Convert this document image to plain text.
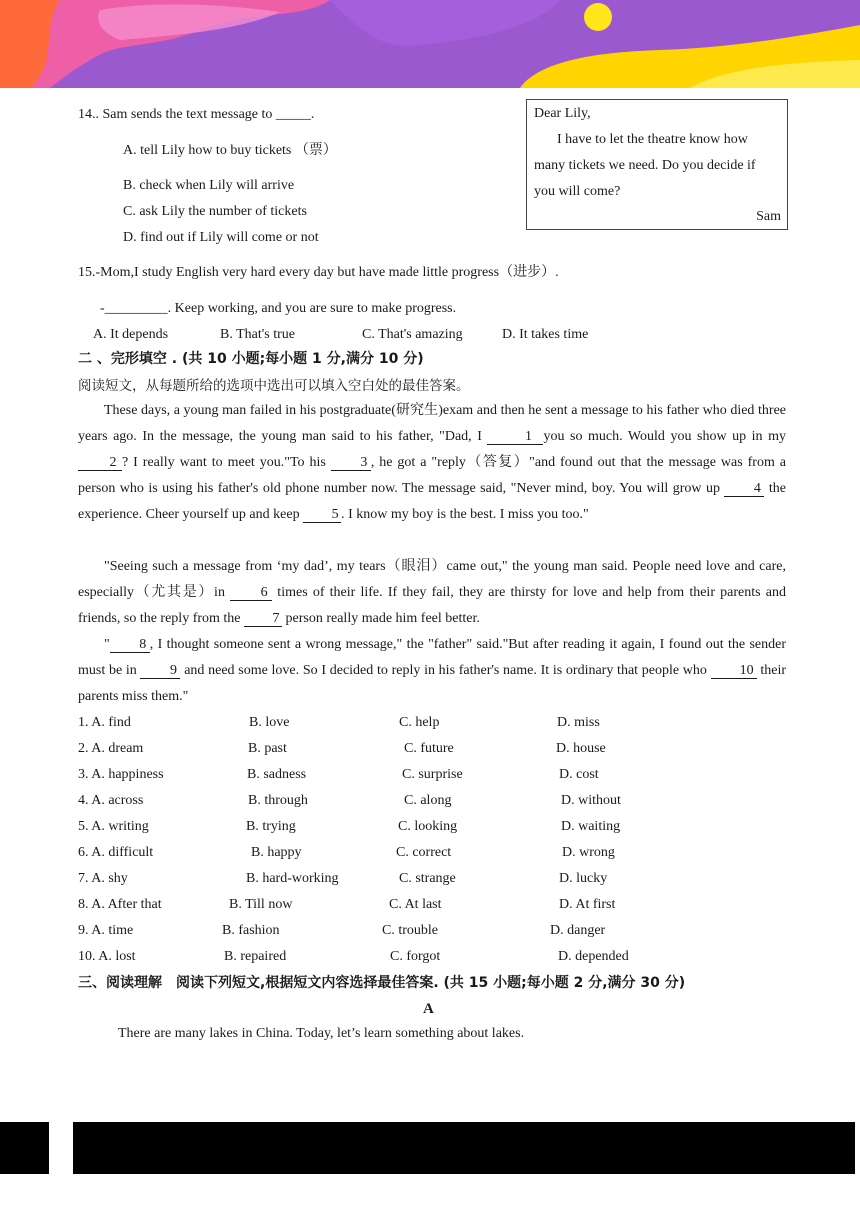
14.. Sam sends the text message to _____.
A. tell Lily how to buy tickets （票）
B. check when Lily will arrive
C. ask Lily the number of tickets
D. find out if Lily will come or not
Dear Lily,
I have to let the theatre know how
many tickets we need. Do you decide if
you will come?
Sam
15.-Mom,I study English very hard every day but have made little progress（进步）.
-_________. Keep working, and you are sure to make progress.
A. It depends	B. That's true	C. That's amazing	D. It takes time
二 、完形填空 . (共 10 小题;每小题 1 分,满分 10 分)
阅读短文，从每题所给的选项中选出可以填入空白处的最佳答案。
These days, a young man failed in his postgraduate(研究生)exam and then he sent a message to his father who died three years ago. In the message, the young man said to his father, "Dad, I	1 you so much. Would you show up in my 2 ? I really want to meet you."To his 3 , he got a "reply（答复）"and found out that the message was from a person who is using his father's old phone number now. The message said, "Never mind, boy. You will grow up 4 the experience. Cheer yourself up and keep 5 . I know my boy is the best. I miss you too."
"Seeing such a message from ‘my dad’, my tears（眼泪）came out," the young man said. People need love and care, especially（尤其是）in 6 times of their life. If they fail, they are thirsty for love and help from their parents and friends, so the reply from the 7 person really made him feel better.
" 8 , I thought someone sent a wrong message," the "father" said."But after reading it again, I found out the sender must be in 9 and need some love. So I decided to reply in his father's name. It is ordinary that people who 10 their parents miss them."
1. A. find	B. love	C. help	D. miss
2. A. dream	B. past	C. future	D. house
3. A. happiness	B. sadness	C. surprise	D. cost
4. A. across	B. through	C. along	D. without
5. A. writing	B. trying	C. looking	D. waiting
6. A. difficult	B. happy	C. correct	D. wrong
7. A. shy	B. hard-working	C. strange	D. lucky
8. A. After that	B. Till now	C. At last	D. At first
9. A. time	B. fashion	C. trouble	D. danger
10. A. lost	B. repaired	C. forgot	D. depended
三、阅读理解　阅读下列短文,根据短文内容选择最佳答案. (共 15 小题;每小题 2 分,满分 30 分)
A
There are many lakes in China. Today, let’s learn something about lakes.
